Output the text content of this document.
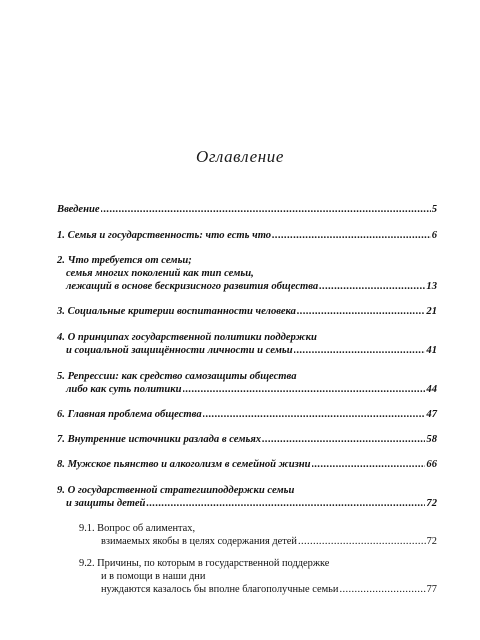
Оглавление
Введение .....	5
1. Семья и государственность: что есть что .....	6
2. Что требуется от семьи;
семья многих поколений как тип семьи,
лежащий в основе бескризисного развития общества .....	13
3. Социальные критерии воспитанности человека .....	21
4. О принципах государственной политики поддержки
и социальной защищённости личности и семьи .....	41
5. Репрессии: как средство самозащиты общества
либо как суть политики .....	44
6. Главная проблема общества .....	47
7. Внутренние источники разлада в семьях .....	58
8. Мужское пьянство и алкоголизм в семейной жизни .....	66
9. О государственной стратегииподдержки семьи
и защиты детей .....	72
9.1. Вопрос об алиментах,
взимаемых якобы в целях содержания детей .....	72
9.2. Причины, по которым в государственной поддержке
и в помощи в наши дни
нуждаются казалось бы вполне благополучные семьи .....	77
